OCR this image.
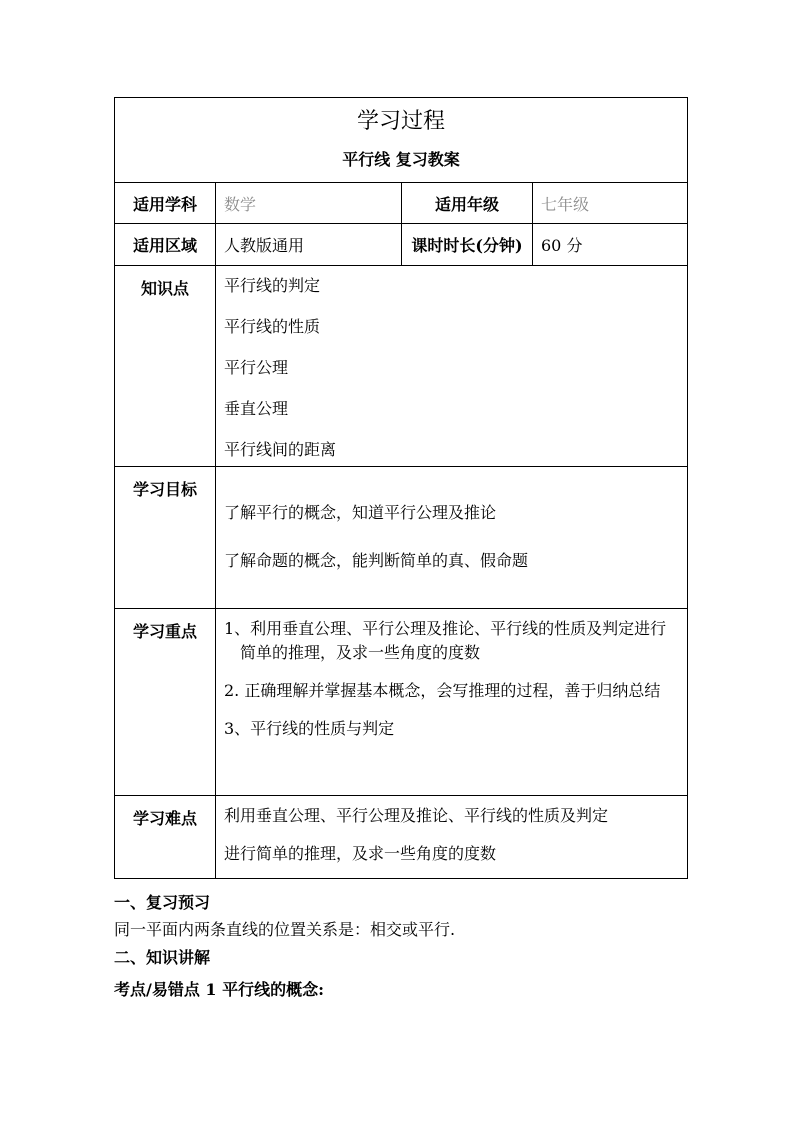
学习过程
平行线 复习教案			

适用学科	数学	适用年级	七年级
适用区域	人教版通用	课时时长(分钟)	60 分
知识点	平行线的判定
平行线的性质
平行公理
垂直公理
平行线间的距离		

学习目标	了解平行的概念，知道平行公理及推论
了解命题的概念，能判断简单的真、假命题		

学习重点	1、利用垂直公理、平行公理及推论、平行线的性质及判定进行简单的推理，及求一些角度的度数
2. 正确理解并掌握基本概念，会写推理的过程，善于归纳总结
3、平行线的性质与判定		

学习难点	利用垂直公理、平行公理及推论、平行线的性质及判定
进行简单的推理，及求一些角度的度数		
一、复习预习
同一平面内两条直线的位置关系是：相交或平行.
二、知识讲解
考点/易错点 1 平行线的概念:
